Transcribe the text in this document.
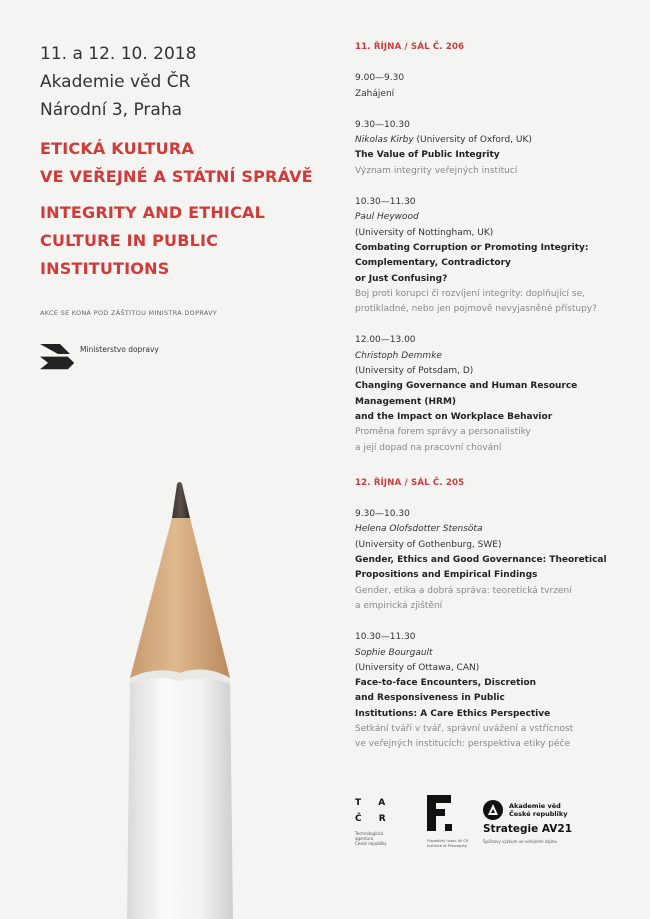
11. a 12. 10. 2018
Akademie věd ČR
Národní 3, Praha
ETICKÁ KULTURA
VE VEŘEJNÉ A STÁTNÍ SPRÁVĚ
INTEGRITY AND ETHICAL
CULTURE IN PUBLIC
INSTITUTIONS
AKCE SE KONÁ POD ZÁŠTITOU MINISTRA DOPRAVY
Ministerstvo dopravy
11. ŘÍJNA / SÁL Č. 206
9.00—9.30
Zahájení
9.30—10.30
Nikolas Kirby (University of Oxford, UK)
The Value of Public Integrity
Význam integrity veřejných institucí
10.30—11.30
Paul Heywood
(University of Nottingham, UK)
Combating Corruption or Promoting Integrity:
Complementary, Contradictory
or Just Confusing?
Boj proti korupci či rozvíjení integrity: doplňující se,
protikladné, nebo jen pojmově nevyjasněné přístupy?
12.00—13.00
Christoph Demmke
(University of Potsdam, D)
Changing Governance and Human Resource
Management (HRM)
and the Impact on Workplace Behavior
Proměna forem správy a personalistiky
a její dopad na pracovní chování
12. ŘÍJNA / SÁL Č. 205
9.30—10.30
Helena Olofsdotter Stensöta
(University of Gothenburg, SWE)
Gender, Ethics and Good Governance: Theoretical
Propositions and Empirical Findings
Gender, etika a dobrá správa: teoretická tvrzení
a empirická zjištění
10.30—11.30
Sophie Bourgault
(University of Ottawa, CAN)
Face-to-face Encounters, Discretion
and Responsiveness in Public
Institutions: A Care Ethics Perspective
Setkání tváří v tvář, správní uvážení a vstřícnost
ve veřejných institucích: perspektiva etiky péče
T A
Č R
Technologická
agentura
České republiky	Filozofický ústav AV ČR
Institute of Philosophy
Akademie věd
České republiky
Strategie AV21
Špičkový výzkum ve veřejném zájmu
